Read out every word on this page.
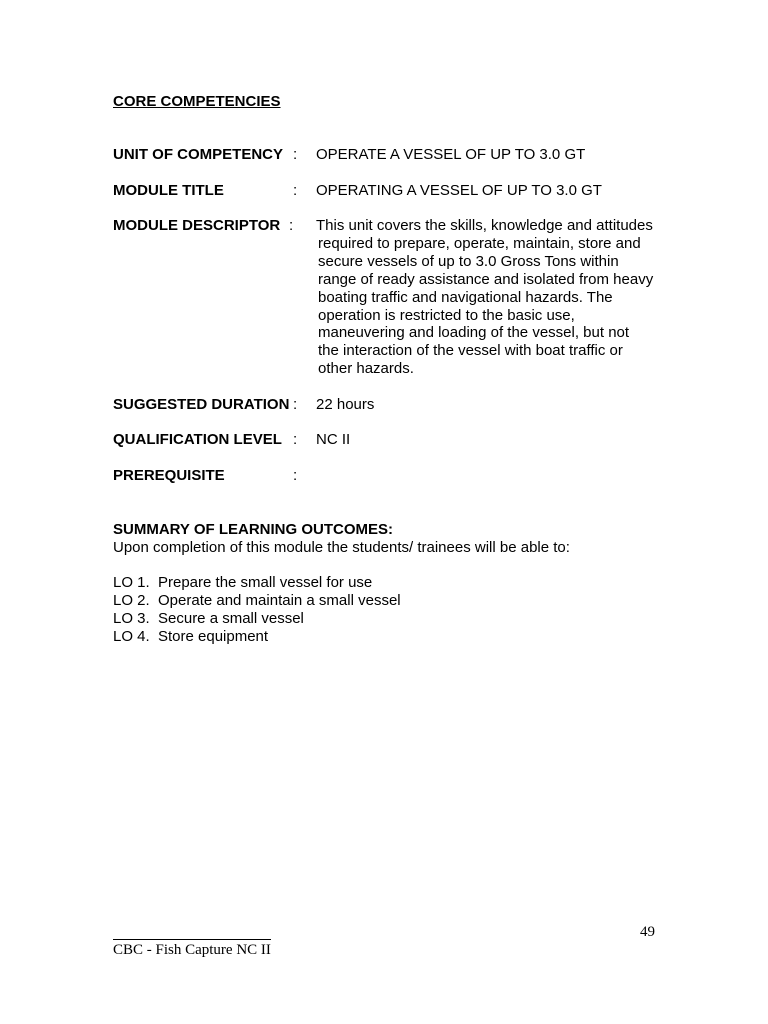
CORE COMPETENCIES
UNIT OF COMPETENCY : OPERATE A VESSEL OF UP TO 3.0 GT
MODULE TITLE	: OPERATING A VESSEL OF UP TO 3.0 GT
MODULE DESCRIPTOR : This unit covers the skills, knowledge and attitudes
required to prepare, operate, maintain, store and
secure vessels of up to 3.0 Gross Tons within
range of ready assistance and isolated from heavy
boating traffic and navigational hazards. The
operation is restricted to the basic use,
maneuvering and loading of the vessel, but not
the interaction of the vessel with boat traffic or
other hazards.
SUGGESTED DURATION : 22 hours
QUALIFICATION LEVEL : NC II
PREREQUISITE	:
SUMMARY OF LEARNING OUTCOMES:
Upon completion of this module the students/ trainees will be able to:
LO 1. Prepare the small vessel for use
LO 2. Operate and maintain a small vessel
LO 3. Secure a small vessel
LO 4. Store equipment
49
CBC - Fish Capture NC II
